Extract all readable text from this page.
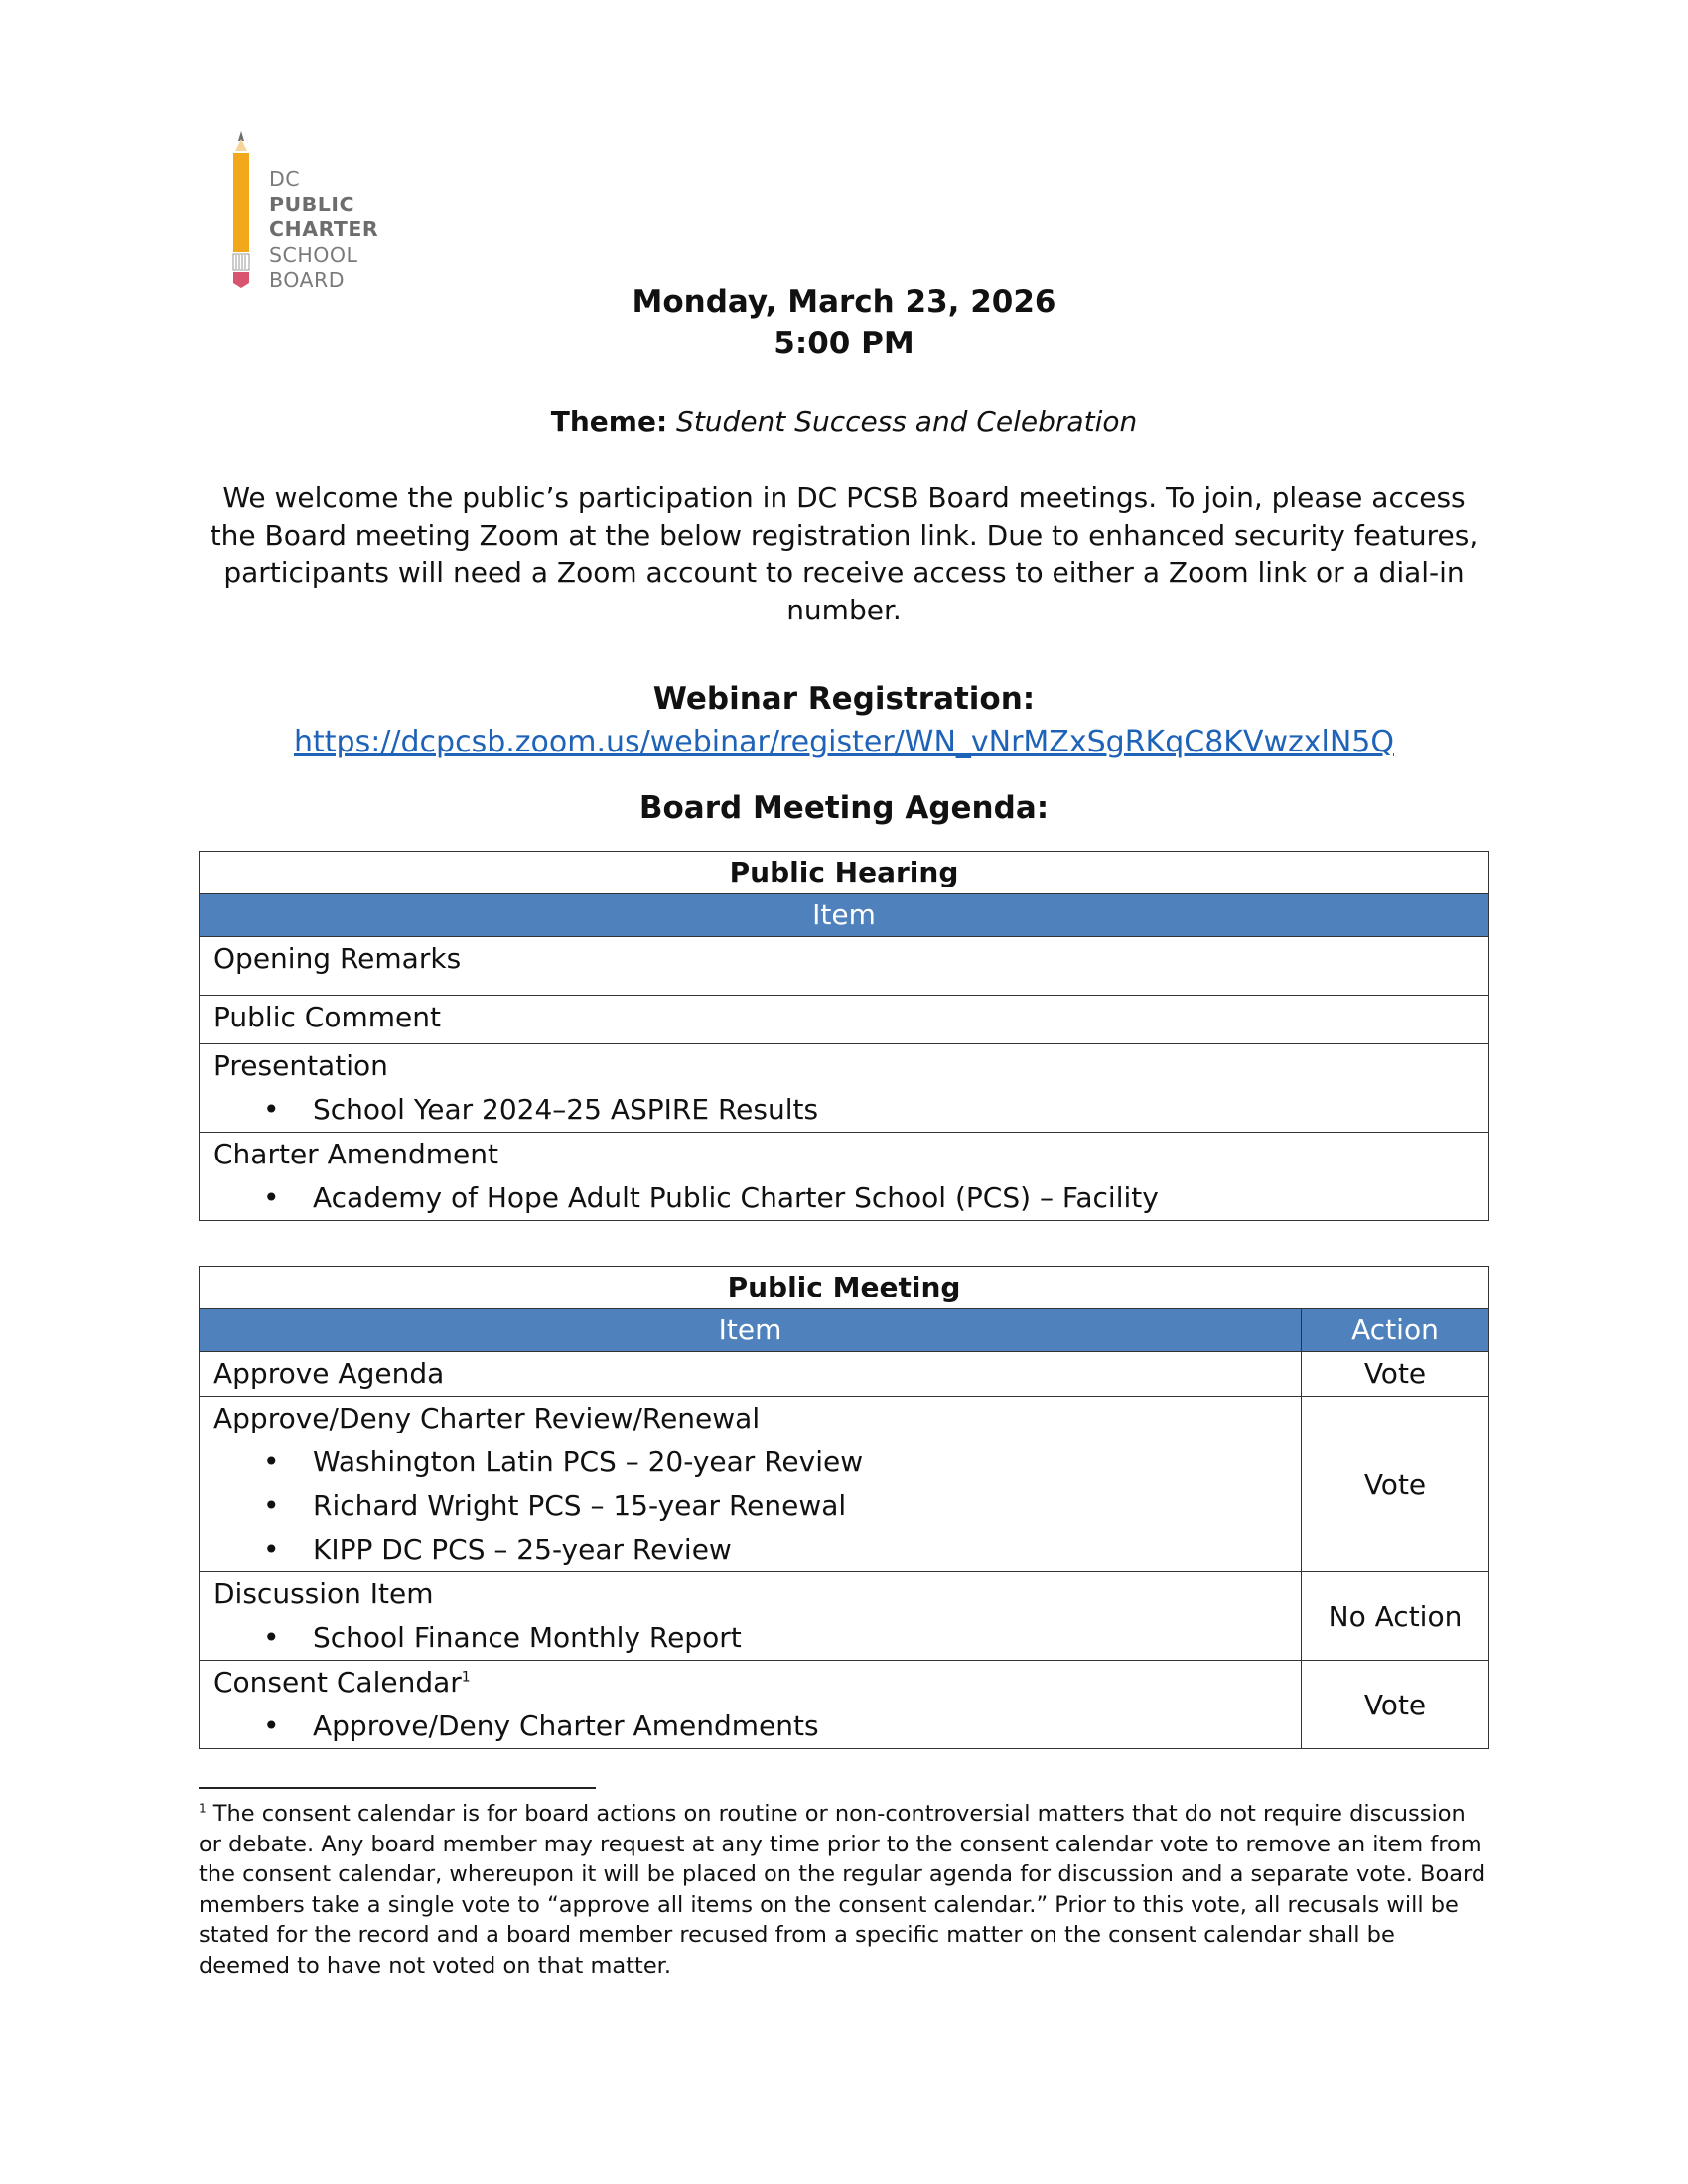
DC
PUBLIC
CHARTER
SCHOOL
BOARD
Monday, March 23, 2026
5:00 PM
Theme: Student Success and Celebration
We welcome the public’s participation in DC PCSB Board meetings. To join, please access the Board meeting Zoom at the below registration link. Due to enhanced security features, participants will need a Zoom account to receive access to either a Zoom link or a dial-in number.
Webinar Registration:
https://dcpcsb.zoom.us/webinar/register/WN_vNrMZxSgRKqC8KVwzxlN5Q
Board Meeting Agenda:
Public Hearing
Item
Opening Remarks
Public Comment

Presentation
• School Year 2024–25 ASPIRE Results

Charter Amendment
• Academy of Hope Adult Public Charter School (PCS) – Facility
Public Meeting	
Item	Action
Approve Agenda	Vote

Approve/Deny Charter Review/Renewal
• Washington Latin PCS – 20-year Review
• Richard Wright PCS – 15-year Renewal
• KIPP DC PCS – 25-year Review	Vote

Discussion Item
• School Finance Monthly Report	No Action

Consent Calendar$^1$
• Approve/Deny Charter Amendments	Vote
$^1$ The consent calendar is for board actions on routine or non-controversial matters that do not require discussion or debate. Any board member may request at any time prior to the consent calendar vote to remove an item from the consent calendar, whereupon it will be placed on the regular agenda for discussion and a separate vote. Board members take a single vote to “approve all items on the consent calendar.” Prior to this vote, all recusals will be stated for the record and a board member recused from a specific matter on the consent calendar shall be deemed to have not voted on that matter.
